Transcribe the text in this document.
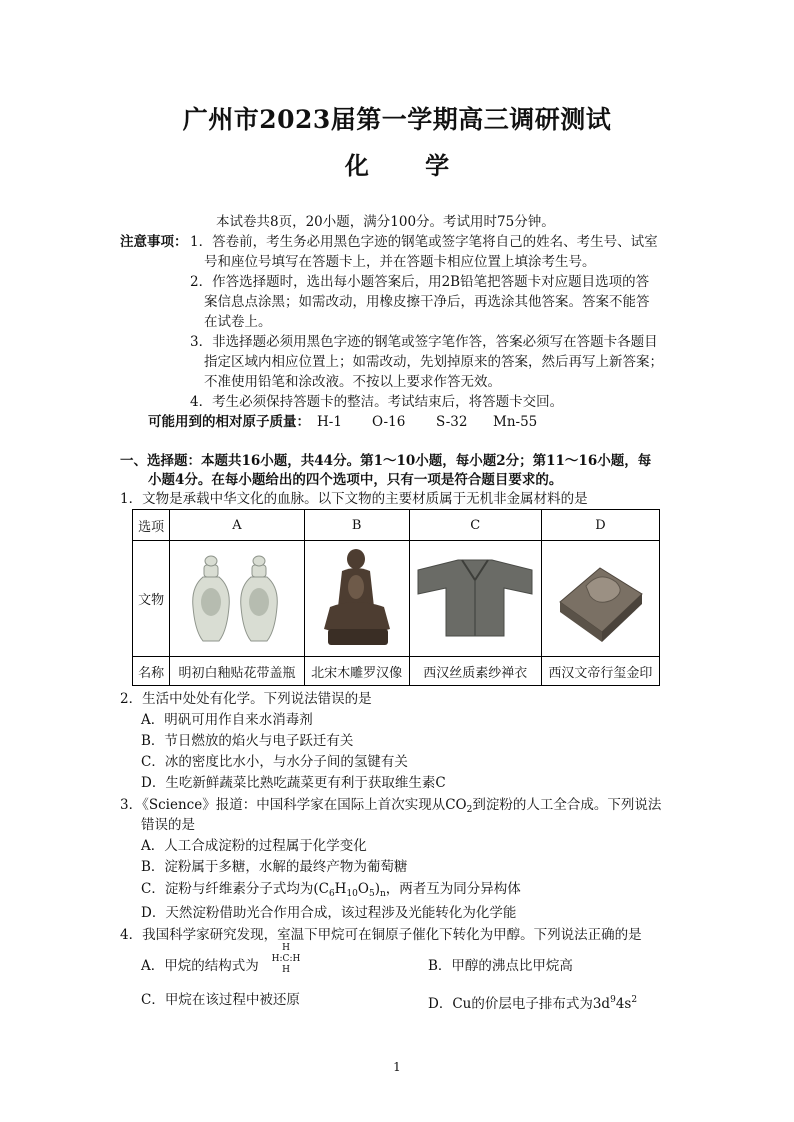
广州市2023届第一学期高三调研测试
化 学
本试卷共8页，20小题，满分100分。考试用时75分钟。
注意事项： 1．答卷前，考生务必用黑色字迹的钢笔或签字笔将自己的姓名、考生号、试室
号和座位号填写在答题卡上，并在答题卡相应位置上填涂考生号。
2．作答选择题时，选出每小题答案后，用2B铅笔把答题卡对应题目选项的答
案信息点涂黑；如需改动，用橡皮擦干净后，再选涂其他答案。答案不能答
在试卷上。
3．非选择题必须用黑色字迹的钢笔或签字笔作答，答案必须写在答题卡各题目
指定区域内相应位置上；如需改动，先划掉原来的答案，然后再写上新答案；
不准使用铅笔和涂改液。不按以上要求作答无效。
4．考生必须保持答题卡的整洁。考试结束后，将答题卡交回。
可能用到的相对原子质量： H-1 O-16 S-32 Mn-55
一、选择题：本题共16小题，共44分。第1～10小题，每小题2分；第11～16小题，每
小题4分。在每小题给出的四个选项中，只有一项是符合题目要求的。
1．文物是承载中华文化的血脉。以下文物的主要材质属于无机非金属材料的是
选项	A	B	C	D
文物				
名称	明初白釉贴花带盖瓶	北宋木雕罗汉像	西汉丝质素纱禅衣	西汉文帝行玺金印
2．生活中处处有化学。下列说法错误的是
A．明矾可用作自来水消毒剂
B．节日燃放的焰火与电子跃迁有关
C．冰的密度比水小，与水分子间的氢键有关
D．生吃新鲜蔬菜比熟吃蔬菜更有利于获取维生素C
3．《Science》报道：中国科学家在国际上首次实现从$CO_2$到淀粉的人工全合成。下列说法
错误的是
A．人工合成淀粉的过程属于化学变化
B．淀粉属于多糖，水解的最终产物为葡萄糖
C．淀粉与纤维素分子式均为$(C_6H_{10}O_5)_n$，两者互为同分异构体
D．天然淀粉借助光合作用合成，该过程涉及光能转化为化学能
4．我国科学家研究发现，室温下甲烷可在铜原子催化下转化为甲醇。下列说法正确的是
A．甲烷的结构式为
H
H:C:H
H	B．甲醇的沸点比甲烷高
C．甲烷在该过程中被还原	D．Cu的价层电子排布式为$3d^94s^2$
1
